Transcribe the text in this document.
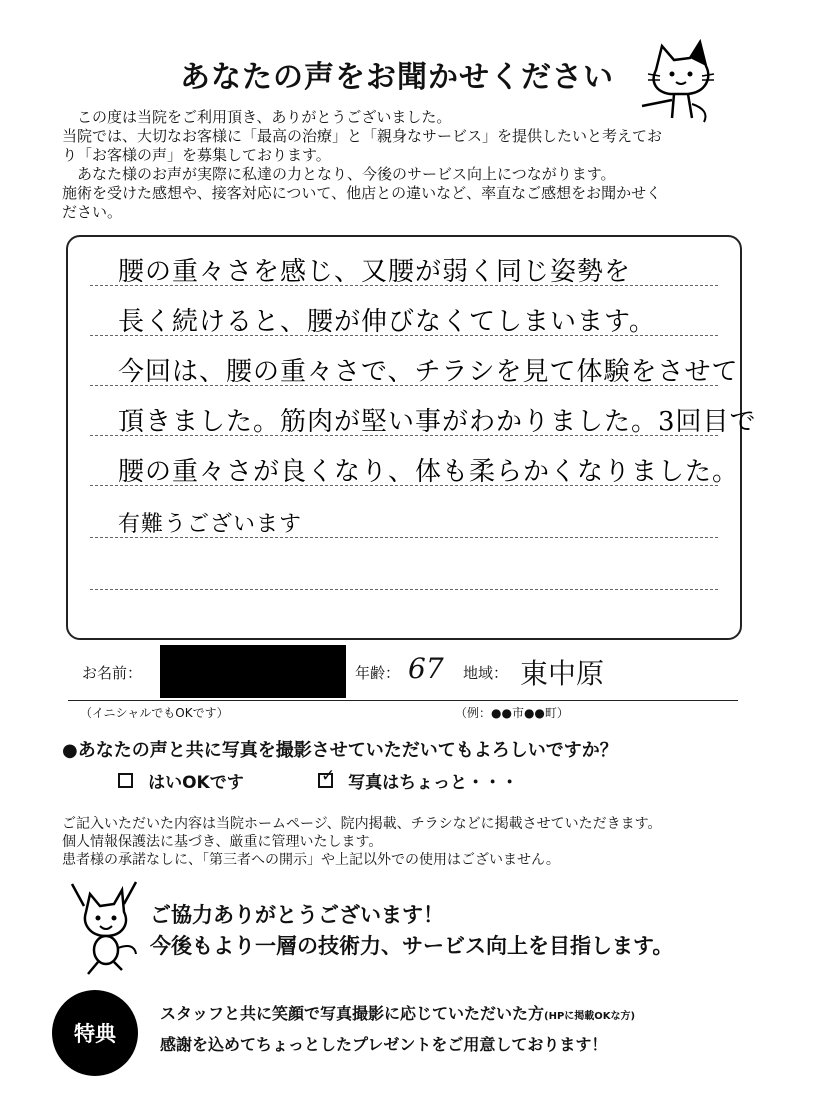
あなたの声をお聞かせください
　この度は当院をご利用頂き、ありがとうございました。
当院では、大切なお客様に「最高の治療」と「親身なサービス」を提供したいと考えてお
り「お客様の声」を募集しております。
　あなた様のお声が実際に私達の力となり、今後のサービス向上につながります。
施術を受けた感想や、接客対応について、他店との違いなど、率直なご感想をお聞かせく
ださい。
腰の重々さを感じ、又腰が弱く同じ姿勢を
長く続けると、腰が伸びなくてしまいます。
今回は、腰の重々さで、チラシを見て体験をさせて
頂きました。筋肉が堅い事がわかりました。3回目で
腰の重々さが良くなり、体も柔らかくなりました。
有難うございます
お名前：	年齢： 67 地域： 東中原
（イニシャルでもOKです）	（例：●●市●●町）
●あなたの声と共に写真を撮影させていただいてもよろしいですか？
はいOKです	✓ 写真はちょっと・・・
ご記入いただいた内容は当院ホームページ、院内掲載、チラシなどに掲載させていただきます。
個人情報保護法に基づき、厳重に管理いたします。
患者様の承諾なしに、「第三者への開示」や上記以外での使用はございません。
ご協力ありがとうございます！
今後もより一層の技術力、サービス向上を目指します。
特典
スタッフと共に笑顔で写真撮影に応じていただいた方(HPに掲載OKな方)
感謝を込めてちょっとしたプレゼントをご用意しております！
